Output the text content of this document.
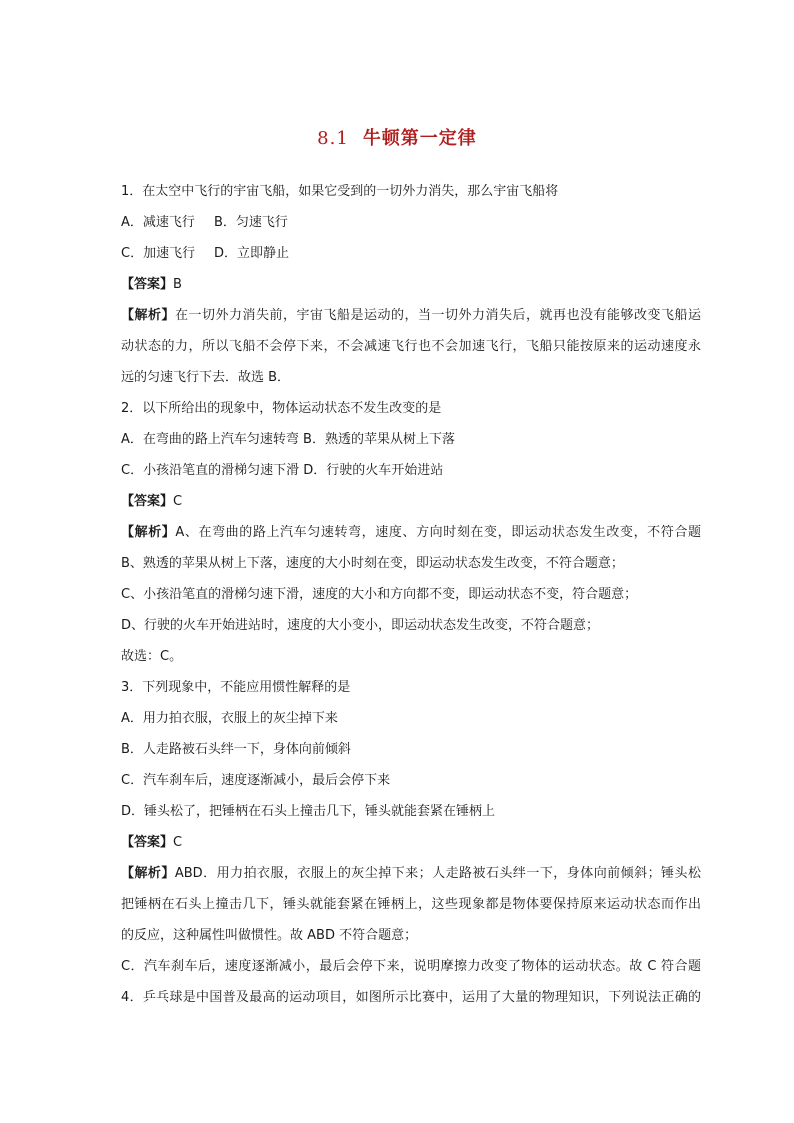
8.1 牛顿第一定律
1．在太空中飞行的宇宙飞船，如果它受到的一切外力消失，那么宇宙飞船将
A．减速飞行 B．匀速飞行
C．加速飞行 D．立即静止
【答案】B
【解析】在一切外力消失前，宇宙飞船是运动的，当一切外力消失后，就再也没有能够改变飞船运
动状态的力，所以飞船不会停下来，不会减速飞行也不会加速飞行，飞船只能按原来的运动速度永
远的匀速飞行下去．故选 B．
2．以下所给出的现象中，物体运动状态不发生改变的是
A．在弯曲的路上汽车匀速转弯 B．熟透的苹果从树上下落
C．小孩沿笔直的滑梯匀速下滑 D．行驶的火车开始进站
【答案】C
【解析】A、在弯曲的路上汽车匀速转弯，速度、方向时刻在变，即运动状态发生改变，不符合题
B、熟透的苹果从树上下落，速度的大小时刻在变，即运动状态发生改变，不符合题意；
C、小孩沿笔直的滑梯匀速下滑，速度的大小和方向都不变，即运动状态不变，符合题意；
D、行驶的火车开始进站时，速度的大小变小，即运动状态发生改变，不符合题意；
故选：C。
3．下列现象中，不能应用惯性解释的是
A．用力拍衣服，衣服上的灰尘掉下来
B．人走路被石头绊一下，身体向前倾斜
C．汽车刹车后，速度逐渐减小，最后会停下来
D．锤头松了，把锤柄在石头上撞击几下，锤头就能套紧在锤柄上
【答案】C
【解析】ABD．用力拍衣服，衣服上的灰尘掉下来；人走路被石头绊一下，身体向前倾斜；锤头松
把锤柄在石头上撞击几下，锤头就能套紧在锤柄上，这些现象都是物体要保持原来运动状态而作出
的反应，这种属性叫做惯性。故 ABD 不符合题意；
C．汽车刹车后，速度逐渐减小，最后会停下来，说明摩擦力改变了物体的运动状态。故 C 符合题
4．乒乓球是中国普及最高的运动项目，如图所示比赛中，运用了大量的物理知识，下列说法正确的
